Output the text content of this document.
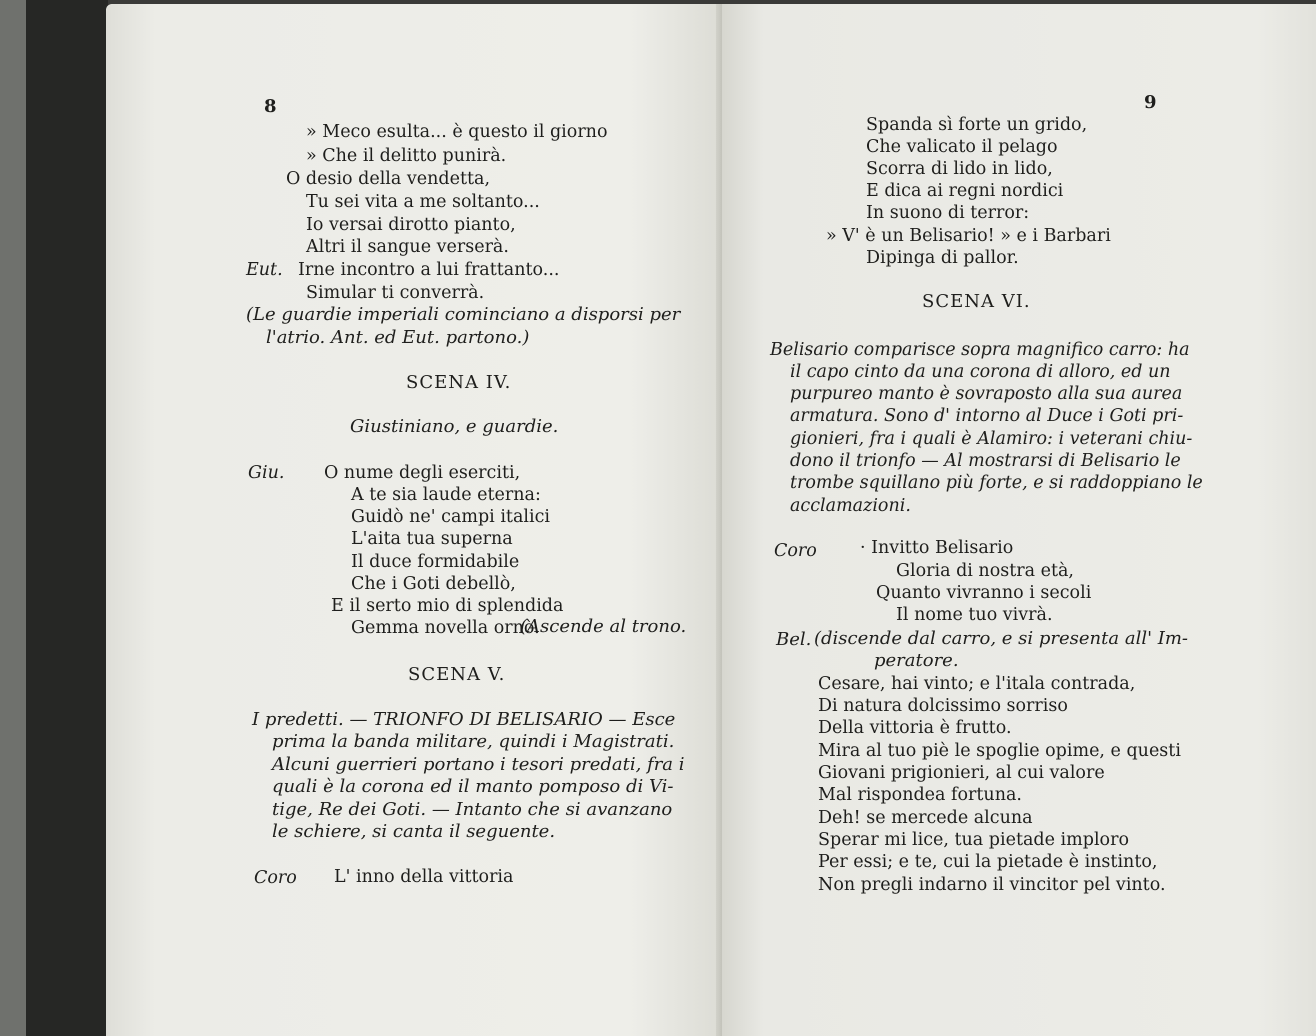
8
» Meco esulta... è questo il giorno
» Che il delitto punirà.
O desio della vendetta,
Tu sei vita a me soltanto...
Io versai dirotto pianto,
Altri il sangue verserà.
Eut. Irne incontro a lui frattanto...
Simular ti converrà.
(Le guardie imperiali cominciano a disporsi per
l'atrio. Ant. ed Eut. partono.)
SCENA IV.
Giustiniano, e guardie.
Giu. O nume degli eserciti,
A te sia laude eterna:
Guidò ne' campi italici
L'aita tua superna
Il duce formidabile
Che i Goti debellò,
E il serto mio di splendida
Gemma novella ornò.
(Ascende al trono.
SCENA V.
I predetti. — TRIONFO DI BELISARIO — Esce
prima la banda militare, quindi i Magistrati.
Alcuni guerrieri portano i tesori predati, fra i
quali è la corona ed il manto pomposo di Vi-
tige, Re dei Goti. — Intanto che si avanzano
le schiere, si canta il seguente.
Coro L' inno della vittoria
9
Spanda sì forte un grido,
Che valicato il pelago
Scorra di lido in lido,
E dica ai regni nordici
In suono di terror:
» V' è un Belisario! » e i Barbari
Dipinga di pallor.
SCENA VI.
Belisario comparisce sopra magnifico carro: ha
il capo cinto da una corona di alloro, ed un
purpureo manto è sovraposto alla sua aurea
armatura. Sono d' intorno al Duce i Goti pri-
gionieri, fra i quali è Alamiro: i veterani chiu-
dono il trionfo — Al mostrarsi di Belisario le
trombe squillano più forte, e si raddoppiano le
acclamazioni.
Coro · Invitto Belisario
Gloria di nostra età,
Quanto vivranno i secoli
Il nome tuo vivrà.
Bel. (discende dal carro, e si presenta all' Im-
peratore.
Cesare, hai vinto; e l'itala contrada,
Di natura dolcissimo sorriso
Della vittoria è frutto.
Mira al tuo piè le spoglie opime, e questi
Giovani prigionieri, al cui valore
Mal rispondea fortuna.
Deh! se mercede alcuna
Sperar mi lice, tua pietade imploro
Per essi; e te, cui la pietade è instinto,
Non pregli indarno il vincitor pel vinto.
